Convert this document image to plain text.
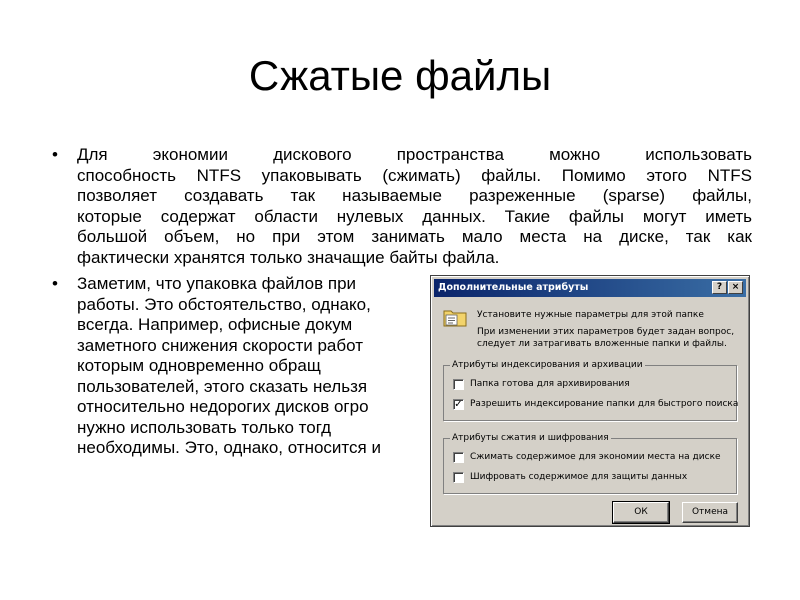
Сжатые файлы
• Для экономии дискового пространства можно использовать
способность NTFS упаковывать (сжимать) файлы. Помимо этого NTFS
позволяет создавать так называемые разреженные (sparse) файлы,
которые содержат области нулевых данных. Такие файлы могут иметь
большой объем, но при этом занимать мало места на диске, так как
фактически хранятся только значащие байты файла.
• Заметим, что упаковка файлов при
работы. Это обстоятельство, однако,
всегда. Например, офисные докум
заметного снижения скорости работ
которым одновременно обращ
пользователей, этого сказать нельзя
относительно недорогих дисков огро
нужно использовать только тогд
необходимы. Это, однако, относится и
Дополнительные атрибуты	?	×
Установите нужные параметры для этой папке
При изменении этих параметров будет задан вопрос, следует ли затрагивать вложенные папки и файлы.
Атрибуты индексирования и архивации
Папка готова для архивирования
✓ Разрешить индексирование папки для быстрого поиска
Атрибуты сжатия и шифрования
Сжимать содержимое для экономии места на диске
Шифровать содержимое для защиты данных
ОК	Отмена
